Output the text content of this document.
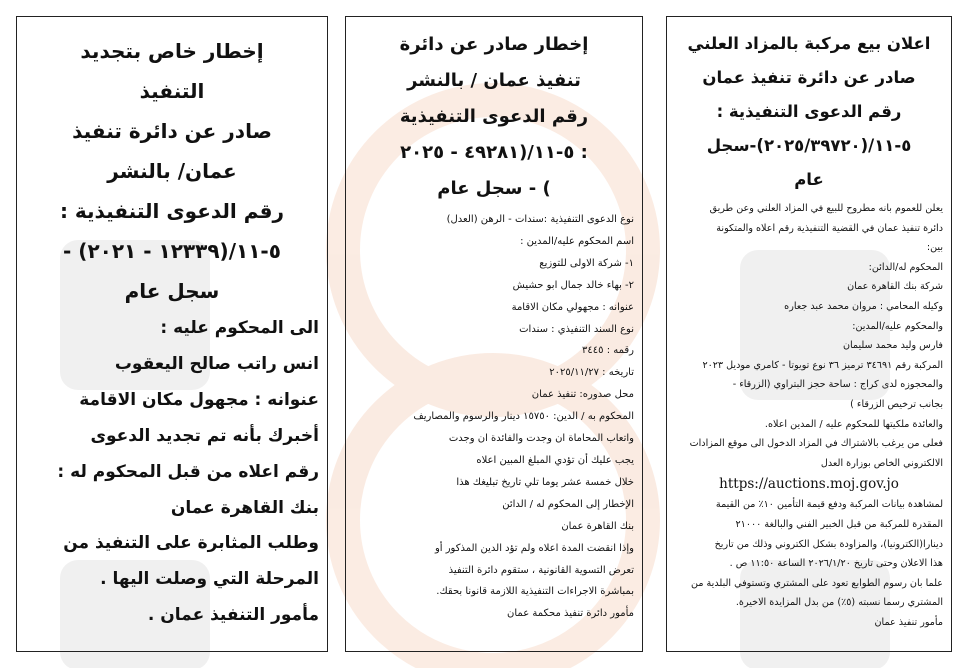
اعلان بيع مركبة بالمزاد العلني
صادر عن دائرة تنفيذ عمان
رقم الدعوى التنفيذية :
٥-١١/(٢٠٢٥/٣٩٧٢٠)-سجل
عام
يعلن للعموم بانه مطروح للبيع في المزاد العلني وعن طريق
دائرة تنفيذ عمان في القضية التنفيذية رقم اعلاه والمتكونة
بين:
المحكوم له/الدائن:
شركة بنك القاهرة عمان
وكيله المحامي : مروان محمد عبد جعاره
والمحكوم عليه/المدين:
فارس وليد محمد سليمان
المركبة رقم ٣٤٦٩١ ترميز ٣٦ نوع تويوتا - كامري موديل ٢٠٢٣
والمحجوزه لدى كراج : ساحة حجز البتراوي (الزرقاء -
بجانب ترخيص الزرقاء )
والعائدة ملكيتها للمحكوم عليه / المدين اعلاه.
فعلى من يرغب بالاشتراك في المزاد الدخول الى موقع المزادات
الالكتروني الخاص بوزارة العدل
https://auctions.moj.gov.jo
لمشاهدة بيانات المركبة ودفع قيمة التأمين ١٠٪ من القيمة
المقدرة للمركبة من قبل الخبير الفني والبالغة ٢١٠٠٠
دينارا(الكترونيا)، والمزاودة بشكل الكتروني وذلك من تاريخ
هذا الاعلان وحتى تاريخ ٢٠٢٦/١/٢٠ الساعة ١١:٥٠ ص .
علما بان رسوم الطوابع تعود على المشتري وتستوفي البلدية من
المشتري رسما نسبته (٥٪) من بدل المزايدة الاخيرة.
مأمور تنفيذ عمان
إخطار صادر عن دائرة
تنفيذ عمان / بالنشر
رقم الدعوى التنفيذية
: ٥-١١/(٤٩٢٨١ - ٢٠٢٥
) - سجل عام
نوع الدعوى التنفيذية :سندات - الرهن (العدل)
اسم المحكوم عليه/المدين :
١- شركة الاولى للتوزيع
٢- بهاء خالد جمال ابو حشيش
عنوانه : مجهولي مكان الاقامة
نوع السند التنفيذي : سندات
رقمه : ٣٤٤٥
تاريخه : ٢٠٢٥/١١/٢٧
محل صدوره: تنفيذ عمان
المحكوم به / الدين: ١٥٧٥٠ دينار والرسوم والمصاريف
واتعاب المحاماة ان وجدت والفائدة ان وجدت
يجب عليك أن تؤدي المبلغ المبين اعلاه
خلال خمسة عشر يوما تلي تاريخ تبليغك هذا
الإخطار إلى المحكوم له / الدائن
بنك القاهرة عمان
وإذا انقضت المدة اعلاه ولم تؤد الدين المذكور أو
تعرض التسوية القانونية ، ستقوم دائرة التنفيذ
بمباشرة الاجراءات التنفيذية اللازمة قانونا بحقك.
مأمور دائرة تنفيذ محكمة عمان
إخطار خاص بتجديد
التنفيذ
صادر عن دائرة تنفيذ
عمان/ بالنشر
رقم الدعوى التنفيذية :
٥-١١/(١٢٣٣٩ - ٢٠٢١) -
سجل عام
الى المحكوم عليه :
انس راتب صالح اليعقوب
عنوانه : مجهول مكان الاقامة
أخبرك بأنه تم تجديد الدعوى
رقم اعلاه من قبل المحكوم له :
بنك القاهرة عمان
وطلب المثابرة على التنفيذ من
المرحلة التي وصلت اليها .
مأمور التنفيذ عمان .
